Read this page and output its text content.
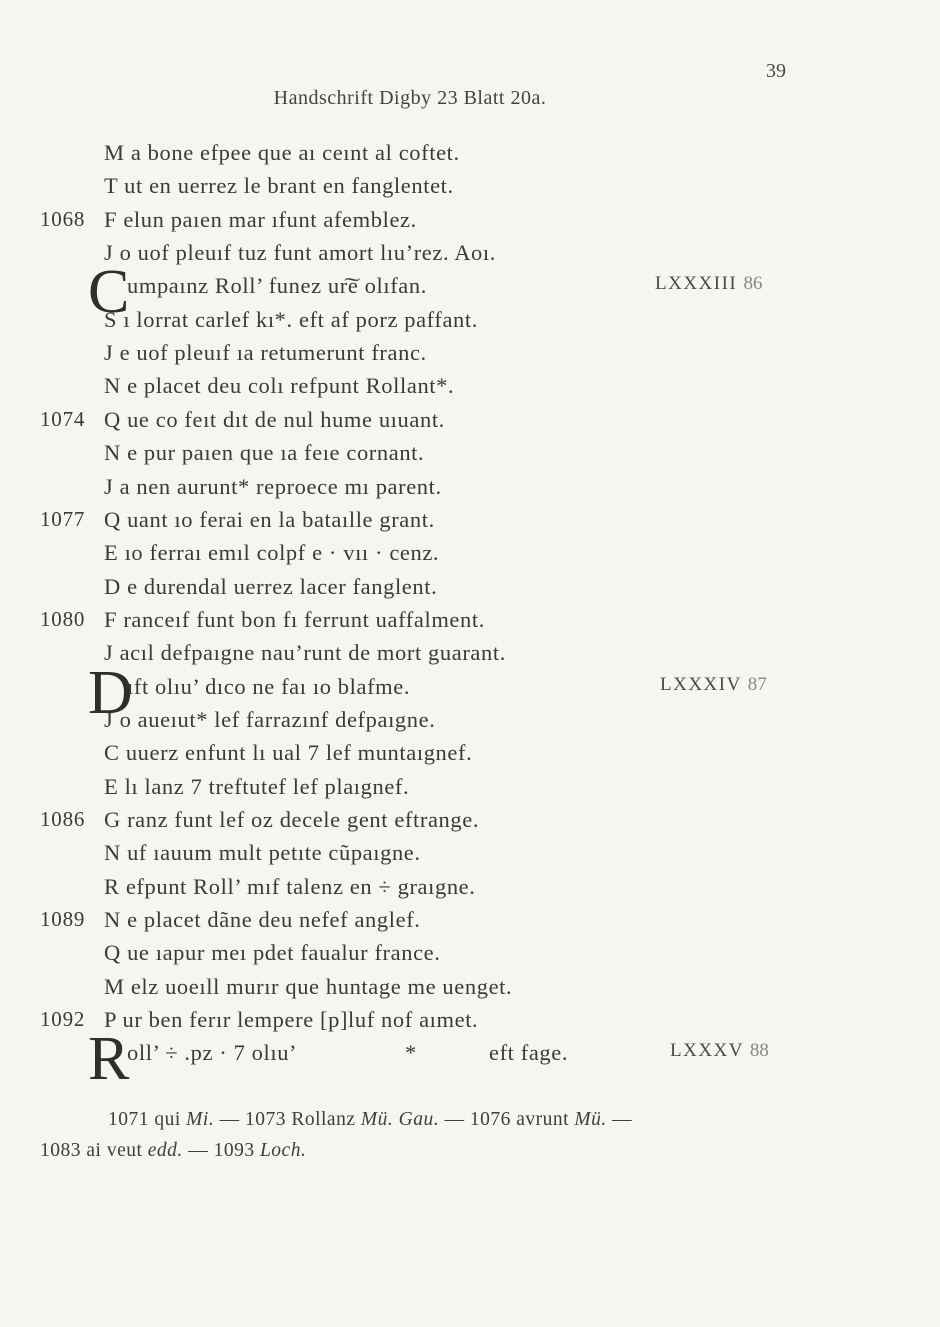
39
Handschrift Digby 23 Blatt 20a.
M a bone efpee que aı ceınt al coftet.
T ut en uerrez le brant en fanglentet.
1068 F elun paıen mar ıfunt afemblez.
J o uof pleuıf tuz funt amort lıu’rez. Aoı.
C
umpaınz Roll’ funez ur͠e olıfan.	LXXXIII 86
S ı lorrat carlef kı*. eft af porz paffant.
J e uof pleuıf ıa retumerunt franc.
N e placet deu colı refpunt Rollant*.
1074 Q ue co feıt dıt de nul hume uıuant.
N e pur paıen que ıa feıe cornant.
J a nen aurunt* reproece mı parent.
1077 Q uant ıo ferai en la bataılle grant.
E ıo ferraı emıl colpf e · vıı · cenz.
D e durendal uerrez lacer fanglent.
1080 F ranceıf funt bon fı ferrunt uaffalment.
J acıl defpaıgne nau’runt de mort guarant.
D
ıft olıu’ dıco ne faı ıo blafme.	LXXXIV 87
J o aueıut* lef farrazınf defpaıgne.
C uuerz enfunt lı ual 7 lef muntaıgnef.
E lı lanz 7 treftutef lef plaıgnef.
1086 G ranz funt lef oz decele gent eftrange.
N uf ıauum mult petıte cũpaıgne.
R efpunt Roll’ mıf talenz en ÷ graıgne.
1089 N e placet dãne deu nefef anglef.
Q ue ıapur meı pdet faualur france.
M elz uoeıll murır que huntage me uenget.
1092 P ur ben ferır lempere [p]luf nof aımet.
R
oll’ ÷ .pz · 7 olıu’	*	eft fage.	LXXXV 88
1071 qui Mi. — 1073 Rollanz Mü. Gau. — 1076 avrunt Mü. —
1083 ai veut edd. — 1093 Loch.
